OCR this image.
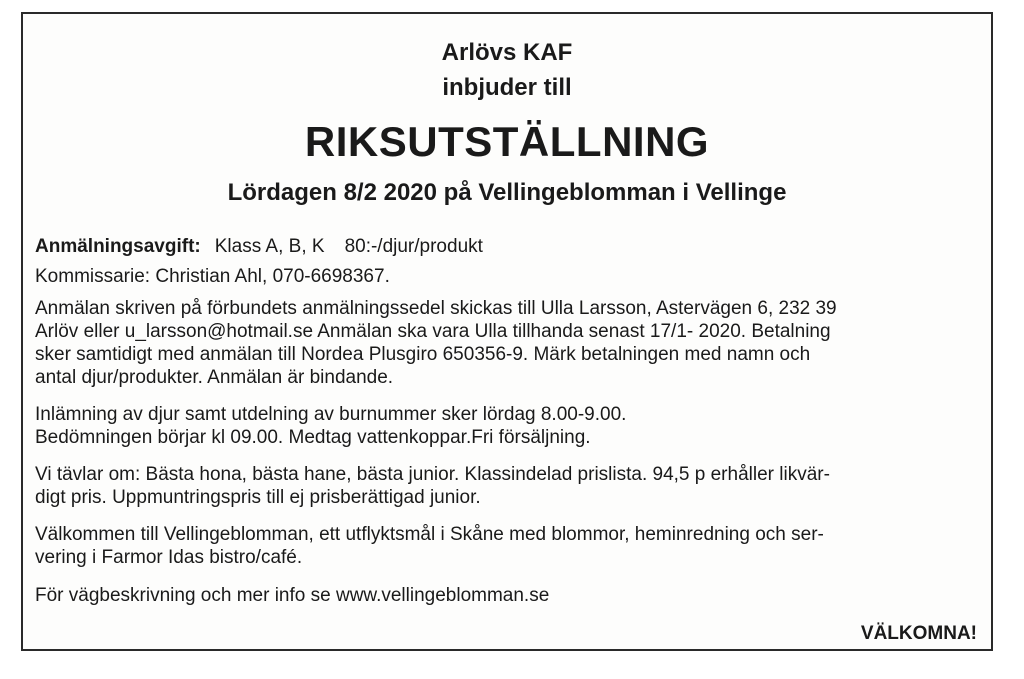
Arlövs KAF
inbjuder till
RIKSUTSTÄLLNING
Lördagen 8/2 2020 på Vellingeblomman i Vellinge
Anmälningsavgift: Klass A, B, K 80:-/djur/produkt
Kommissarie: Christian Ahl, 070-6698367.
Anmälan skriven på förbundets anmälningssedel skickas till Ulla Larsson, Astervägen 6, 232 39
Arlöv eller u_larsson@hotmail.se Anmälan ska vara Ulla tillhanda senast 17/1- 2020. Betalning
sker samtidigt med anmälan till Nordea Plusgiro 650356-9. Märk betalningen med namn och
antal djur/produkter. Anmälan är bindande.
Inlämning av djur samt utdelning av burnummer sker lördag 8.00-9.00.
Bedömningen börjar kl 09.00. Medtag vattenkoppar.Fri försäljning.
Vi tävlar om: Bästa hona, bästa hane, bästa junior. Klassindelad prislista. 94,5 p erhåller likvär-
digt pris. Uppmuntringspris till ej prisberättigad junior.
Välkommen till Vellingeblomman, ett utflyktsmål i Skåne med blommor, heminredning och ser-
vering i Farmor Idas bistro/café.
För vägbeskrivning och mer info se www.vellingeblomman.se
VÄLKOMNA!
